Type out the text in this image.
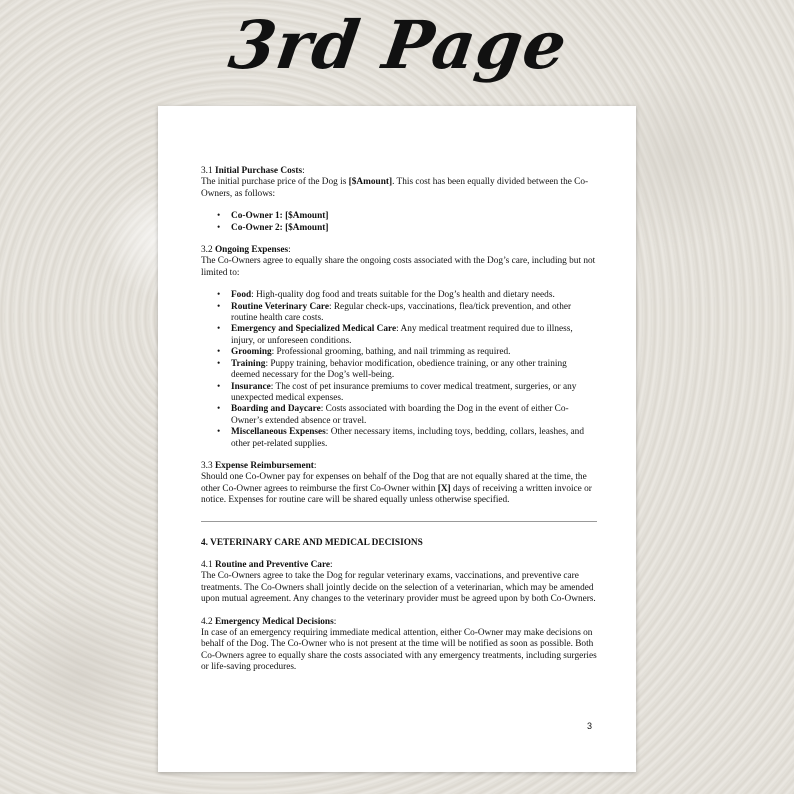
3rd Page

3.1 Initial Purchase Costs:

The initial purchase price of the Dog is [$Amount]. This cost has been equally divided between the Co-Owners, as follows:

• Co-Owner 1: [$Amount]
• Co-Owner 2: [$Amount]

3.2 Ongoing Expenses:

The Co-Owners agree to equally share the ongoing costs associated with the Dog’s care, including but not limited to:

• Food: High-quality dog food and treats suitable for the Dog’s health and dietary needs.
• Routine Veterinary Care: Regular check-ups, vaccinations, flea/tick prevention, and other routine health care costs.
• Emergency and Specialized Medical Care: Any medical treatment required due to illness, injury, or unforeseen conditions.
• Grooming: Professional grooming, bathing, and nail trimming as required.
• Training: Puppy training, behavior modification, obedience training, or any other training deemed necessary for the Dog’s well-being.
• Insurance: The cost of pet insurance premiums to cover medical treatment, surgeries, or any unexpected medical expenses.
• Boarding and Daycare: Costs associated with boarding the Dog in the event of either Co-Owner’s extended absence or travel.
• Miscellaneous Expenses: Other necessary items, including toys, bedding, collars, leashes, and other pet-related supplies.

3.3 Expense Reimbursement:

Should one Co-Owner pay for expenses on behalf of the Dog that are not equally shared at the time, the other Co-Owner agrees to reimburse the first Co-Owner within [X] days of receiving a written invoice or notice. Expenses for routine care will be shared equally unless otherwise specified.

4. VETERINARY CARE AND MEDICAL DECISIONS

4.1 Routine and Preventive Care:

The Co-Owners agree to take the Dog for regular veterinary exams, vaccinations, and preventive care treatments. The Co-Owners shall jointly decide on the selection of a veterinarian, which may be amended upon mutual agreement. Any changes to the veterinary provider must be agreed upon by both Co-Owners.

4.2 Emergency Medical Decisions:

In case of an emergency requiring immediate medical attention, either Co-Owner may make decisions on behalf of the Dog. The Co-Owner who is not present at the time will be notified as soon as possible. Both Co-Owners agree to equally share the costs associated with any emergency treatments, including surgeries or life-saving procedures.

3
